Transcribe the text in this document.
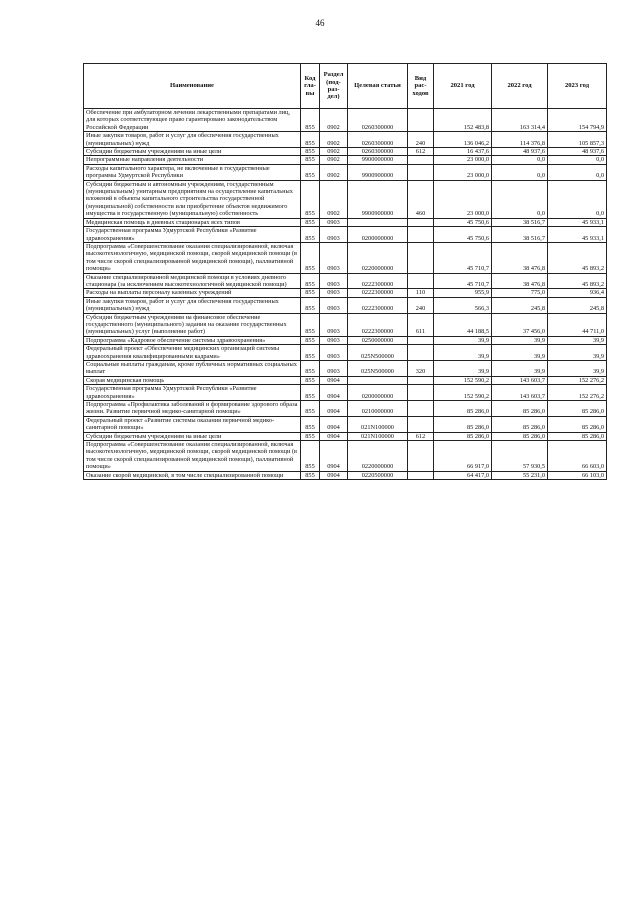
46
Наименование	Код гла- вы	Раздел (под- раз- дел)	Целевая статьи	Вид рас- ходов	2021 год	2022 год	2023 год
Обеспечение при амбулаторном лечении лекарственными препаратами лиц, для которых соответствующее право гарантировано законодательством Российской Федерации	855	0902	0260300000		152 483,8	163 314,4	154 794,9
Иные закупки товаров, работ и услуг для обеспечения государственных (муниципальных) нужд	855	0902	0260300000	240	136 046,2	114 376,8	105 857,3
Субсидии бюджетным учреждениям на иные цели	855	0902	0260300000	612	16 437,6	48 937,6	48 937,6
Непрограммные направления деятельности	855	0902	9900000000		23 000,0	0,0	0,0
Расходы капитального характера, не включенные в государственные программы Удмуртской Республики	855	0902	9900900000		23 000,0	0,0	0,0
Субсидии бюджетным и автономным учреждениям, государственным (муниципальным) унитарным предприятиям на осуществление капитальных вложений в объекты капитального строительства государственной (муниципальной) собственности или приобретение объектов недвижимого имущества в государственную (муниципальную) собственность	855	0902	9900900000	460	23 000,0	0,0	0,0
Медицинская помощь в дневных стационарах всех типов	855	0903			45 750,6	38 516,7	45 933,1
Государственная программа Удмуртской Республики «Развитие здравоохранения»	855	0903	0200000000		45 750,6	38 516,7	45 933,1
Подпрограмма «Совершенствование оказания специализированной, включая высокотехнологичную, медицинской помощи, скорой медицинской помощи (в том числе скорой специализированной медицинской помощи), паллиативной помощи»	855	0903	0220000000		45 710,7	38 476,8	45 893,2
Оказание специализированной медицинской помощи в условиях дневного стационара (за исключением высокотехнологичной медицинской помощи)	855	0903	0222300000		45 710,7	38 476,8	45 893,2
Расходы на выплаты персоналу казенных учреждений	855	0903	0222300000	110	955,9	775,0	936,4
Иные закупки товаров, работ и услуг для обеспечения государственных (муниципальных) нужд	855	0903	0222300000	240	566,3	245,8	245,8
Субсидии бюджетным учреждениям на финансовое обеспечение государственного (муниципального) задания на оказание государственных (муниципальных) услуг (выполнение работ)	855	0903	0222300000	611	44 188,5	37 456,0	44 711,0
Подпрограмма «Кадровое обеспечение системы здравоохранения»	855	0903	0250000000		39,9	39,9	39,9
Федеральный проект «Обеспечение медицинских организаций системы здравоохранения квалифицированными кадрами»	855	0903	025N500000		39,9	39,9	39,9
Социальные выплаты гражданам, кроме публичных нормативных социальных выплат	855	0903	025N500000	320	39,9	39,9	39,9
Скорая медицинская помощь	855	0904			152 590,2	143 603,7	152 276,2
Государственная программа Удмуртской Республики «Развитие здравоохранения»	855	0904	0200000000		152 590,2	143 603,7	152 276,2
Подпрограмма «Профилактика заболеваний и формирование здорового образа жизни. Развитие первичной медико-санитарной помощи»	855	0904	0210000000		85 286,0	85 286,0	85 286,0
Федеральный проект «Развитие системы оказания первичной медико-санитарной помощи»	855	0904	021N100000		85 286,0	85 286,0	85 286,0
Субсидии бюджетным учреждениям на иные цели	855	0904	021N100000	612	85 286,0	85 286,0	85 286,0
Подпрограмма «Совершенствование оказания специализированной, включая высокотехнологичную, медицинской помощи, скорой медицинской помощи (в том числе скорой специализированной медицинской помощи), паллиативной помощи»	855	0904	0220000000		66 917,0	57 930,5	66 603,0
Оказание скорой медицинской, в том числе специализированной помощи	855	0904	0220500000		64 417,0	55 231,0	66 103,0
